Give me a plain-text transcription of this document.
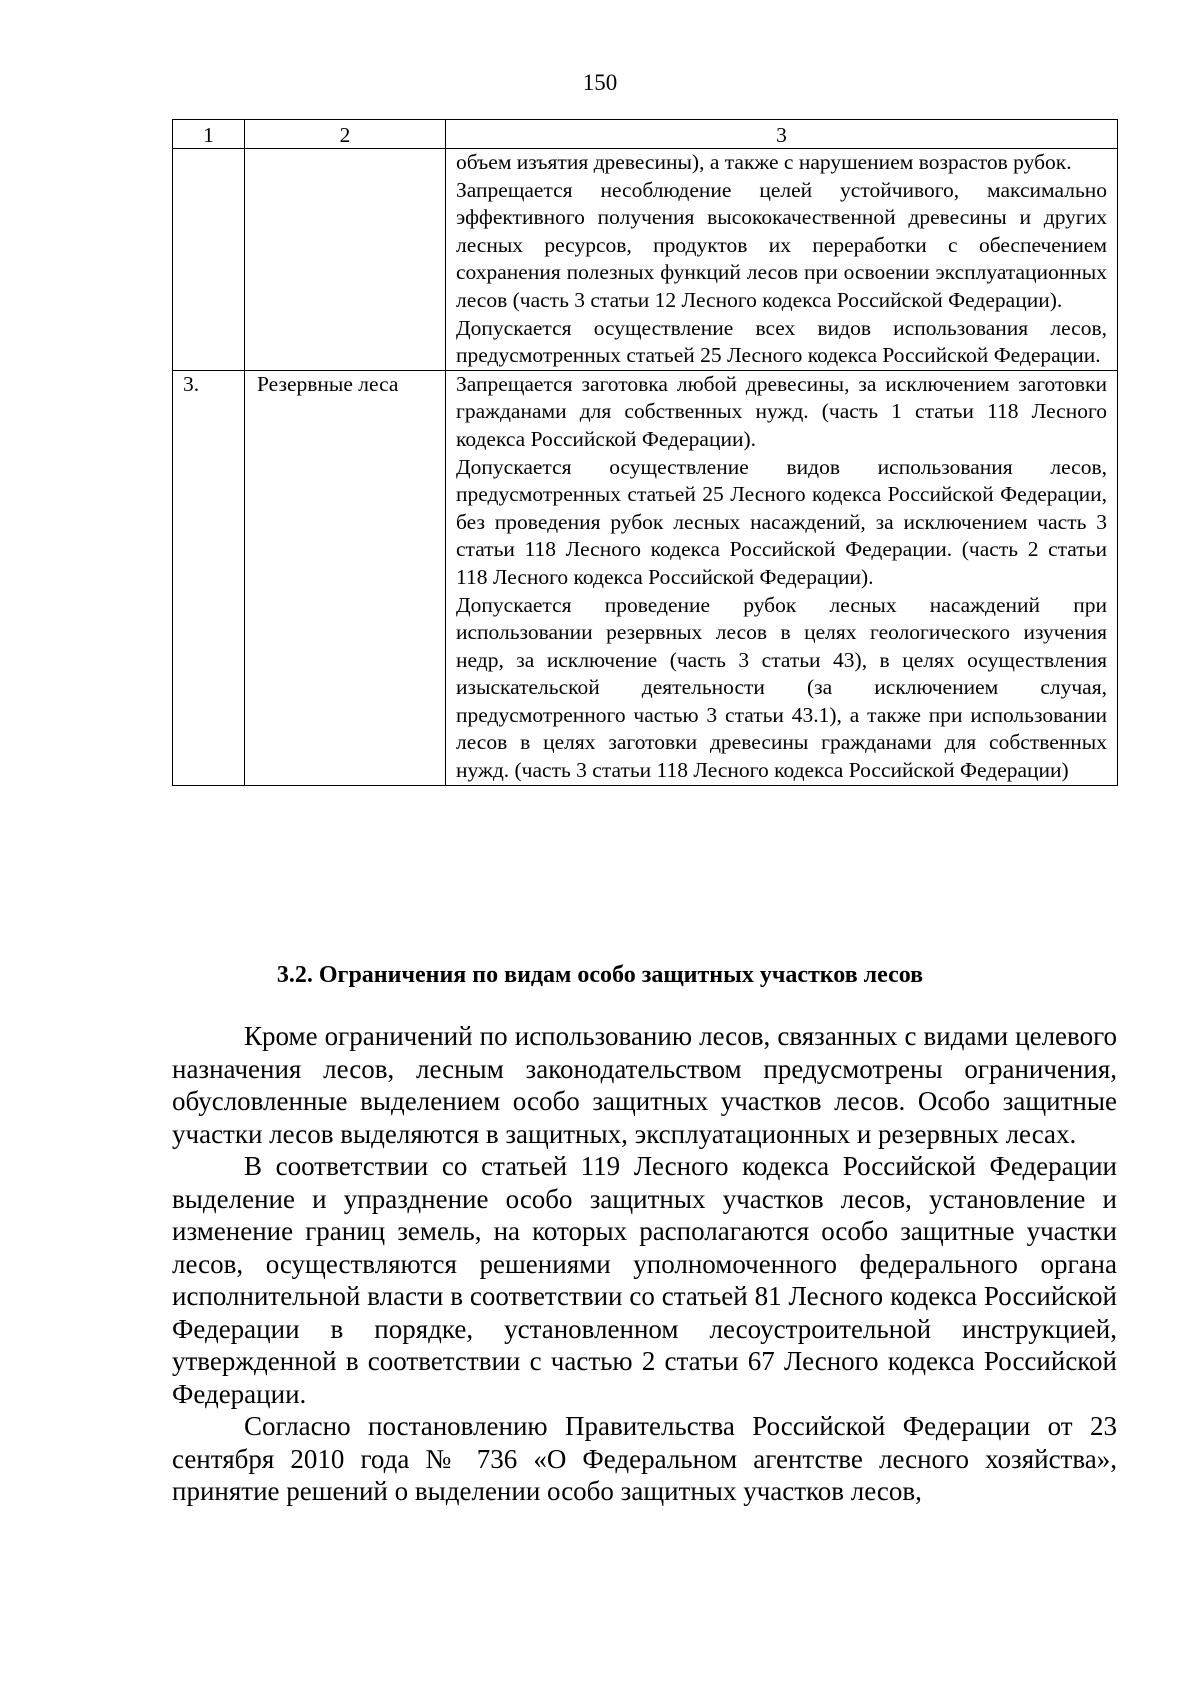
150
1	2	3

		объем изъятия древесины), а также с нарушением возрастов рубок.

Запрещается несоблюдение целей устойчивого, максимально эффективного получения высококачественной древесины и других лесных ресурсов, продуктов их переработки с обеспечением сохранения полезных функций лесов при освоении эксплуатационных лесов (часть 3 статьи 12 Лесного кодекса Российской Федерации).

Допускается осуществление всех видов использования лесов, предусмотренных статьей 25 Лесного кодекса Российской Федерации.

3.	Резервные леса	Запрещается заготовка любой древесины, за исключением заготовки гражданами для собственных нужд. (часть 1 статьи 118 Лесного кодекса Российской Федерации).

Допускается осуществление видов использования лесов, предусмотренных статьей 25 Лесного кодекса Российской Федерации, без проведения рубок лесных насаждений, за исключением часть 3 статьи 118 Лесного кодекса Российской Федерации. (часть 2 статьи 118 Лесного кодекса Российской Федерации).

Допускается проведение рубок лесных насаждений при использовании резервных лесов в целях геологического изучения недр, за исключение (часть 3 статьи 43), в целях осуществления изыскательской деятельности (за исключением случая, предусмотренного частью 3 статьи 43.1), а также при использовании лесов в целях заготовки древесины гражданами для собственных нужд. (часть 3 статьи 118 Лесного кодекса Российской Федерации)

3.2. Ограничения по видам особо защитных участков лесов

Кроме ограничений по использованию лесов, связанных с видами целевого назначения лесов, лесным законодательством предусмотрены ограничения, обусловленные выделением особо защитных участков лесов. Особо защитные участки лесов выделяются в защитных, эксплуатационных и резервных лесах.

В соответствии со статьей 119 Лесного кодекса Российской Федерации выделение и упразднение особо защитных участков лесов, установление и изменение границ земель, на которых располагаются особо защитные участки лесов, осуществляются решениями уполномоченного федерального органа исполнительной власти в соответствии со статьей 81 Лесного кодекса Российской Федерации в порядке, установленном лесоустроительной инструкцией, утвержденной в соответствии с частью 2 статьи 67 Лесного кодекса Российской Федерации.

Согласно постановлению Правительства Российской Федерации от 23 сентября 2010 года № 736 «О Федеральном агентстве лесного хозяйства», принятие решений о выделении особо защитных участков лесов,
